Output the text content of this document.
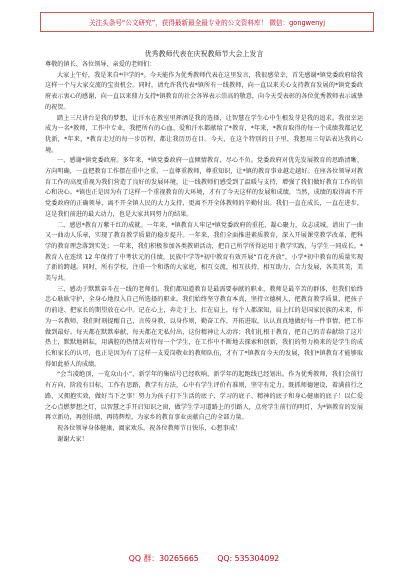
关注头条号“公文研究”，获得最新最全最专业的公文资料库！ 微信：gongwenyj
优秀教师代表在庆祝教师节大会上发言

尊敬的镇长、各位领导、亲爱的老师们：

大家上午好，我是来自*中学的*。今天能作为优秀教师代表在这里发言，我很感荣幸，首先感谢*镇党委政府给我这样一个与大家交流的宝贵机会。同时，请允许我代表*镇所有一线教师，向一直以来关心支持教育发展的*镇党委政府表示衷心的感谢，向一直以来鼎力支持*镇教育的社会各界表示崇高的敬意，向今天受表彰的各位优秀教师表示诚挚的祝贺。

踏上三尺讲台是我的梦想，让汗水在教室里挥洒是我的选择，让智慧在学生心中生根发芽是我的追求。我很幸运成为一名*教师，工作中专业，我把所有的心血、爱和汗水都献给了*教育，*年来，*教育取得的每一个成绩我都记忆犹新，*年来，*教育走过的每一步历程，都让我历历在目。今天，在这个特别的日子里，我想用三句话表达我的心境。

一、感谢*镇党委政府。多年来，*镇党委政府一直倾情教育、尽心不负。党委政府对优先发展教育的思路清晰、方向明确，一直把教育工作摆在重中之重，一直尊重教师，尊重知识，让*镇的教育事业越走越好。在座各位领导对教育工作的高度重视为我们营造了良好的发展环境，让一线教师们感受到了温暖与支持，增强了我们做好教育工作的信心和决心。*镇也正是因为有了这样一个重视教育的大环境，才有了今天这样的发展和成绩，当然，成绩的取得离不开党委政府的正确领导，离不开全镇人民的大力支持，更离不开全体教师的辛勤付出。我们一直在成长，一直在进步，这是我们前进的最大动力，也是大家共同努力的结果。

二、感恩*教育万紫千红的成就。一年来，*镇教育人牢记*镇党委政府的重托，凝心聚力，众志成城，谱出了一曲又一曲动人乐章，实现了教育教学质量的稳步提升。一年来，我们全面推进素质教育，深入开展课堂教学改革，把科学的教育理念落到实处；一年来，我们积极参加各类教研活动，把自己所学所得运用于教学实践，与学生一同成长。*教育人在连续 12 年保持了中考状元的佳绩，民族中学等*初中教育有效开展“百花齐放”，小学*初中教育的质量实现了新的跨越。同时，所有学校，注重一个和谐的大家庭，相互交流，相互扶持，相互助力，合力发展，各美其美，美美与共。

三、感动于默默奋斗在一线的老师们。我们都知道教育是最需要奉献的职业，教师是最辛苦的群体，但我们始终忠心耿耿守护，全身心地投入自己所选择的职业。我们始终坚守教育本真，坚持立德树人，把教育教学质量、把孩子的前途、把家长的期望放在心中。记在心上，奔走于上、扛在肩上，每个人都深知，肩上扛的是国家民族的未来，作为一名教师，我们时刻提醒自己，言传身教，以身作则，勤奋工作，开拓进取，认认真真地做好每一件事情，把工作做到最好。每天都在默默奉献，每天都在无私付出，这份精神让人动容；我们扎根于教育，把自己的青春献给了这片热土，默默地耕耘，用满腔的热情去对待每一个学生，在工作中不断地去探索和创新，我们的努力换来的是学生的成长和家长的认可，也正是因为有了这样一支爱岗敬业的教师队伍，才有了*镇教育今天的发展，我们*镇教育才能够取得如此骄人的成绩。

“会当凌绝顶，一览众山小”，新学年的集结号已经吹响，新学年的起跑线已经划出。作为优秀教师，我们会前行有方向，阶段有目标，工作有思路，教学有方法，心中有学生评价有准则，坚守有定力，既抓师德建设，着满前行之路，又拥抱实效，做好当下之事！努力为孩子打下生活的底子、学习的底子、精神的底子和身心健康的底子！以仁爱之心点燃梦想之灯，以智慧之手开启知识之窗，做学生学习道路上的引路人，点亮学生前行的明灯，为*镇教育的发展再立新功，再创佳绩，再铸辉煌，为家乡的教育事业贡献自己的全部力量。

祝各位领导身体健康，阖家欢乐，祝各位教师节日快乐，心想事成！

谢谢大家！

QQ 群：30265665 QQ: 535304092
